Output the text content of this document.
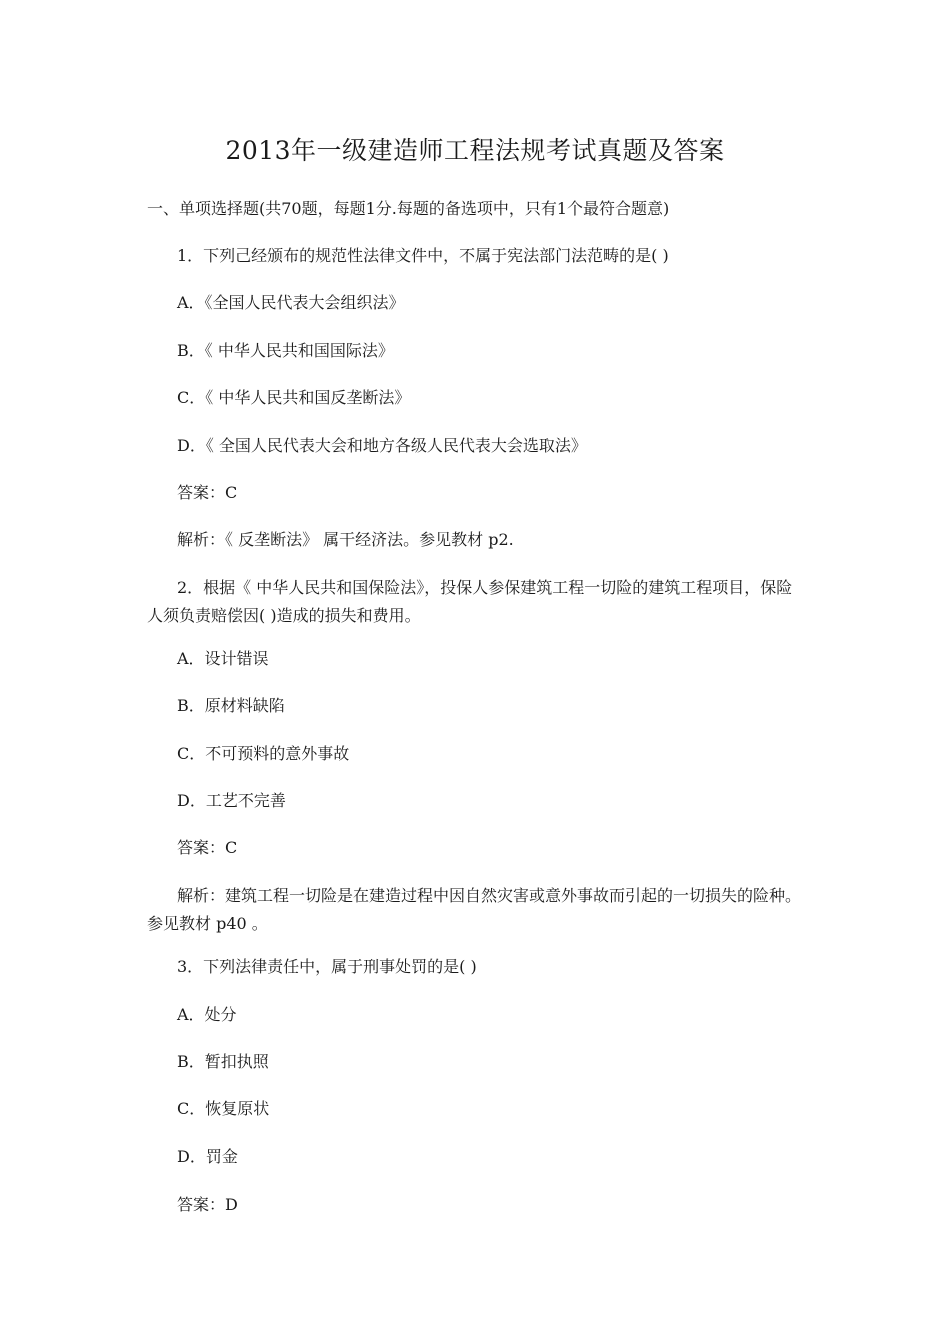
2013年一级建造师工程法规考试真题及答案
一、单项选择题(共70题，每题1分.每题的备选项中，只有1个最符合题意)
1．下列己经颁布的规范性法律文件中，不属于宪法部门法范畴的是( )
A．《全国人民代表大会组织法》
B．《 中华人民共和国国际法》
C．《 中华人民共和国反垄断法》
D．《 全国人民代表大会和地方各级人民代表大会选取法》
答案：C
解析：《 反垄断法》 属干经济法。参见教材 p2.
2．根据《 中华人民共和国保险法》，投保人参保建筑工程一切险的建筑工程项目，保险人须负责赔偿因( )造成的损失和费用。
A．设计错误
B．原材料缺陷
C．不可预料的意外事故
D．工艺不完善
答案：C
解析：建筑工程一切险是在建造过程中因自然灾害或意外事故而引起的一切损失的险种。参见教材 p40 。
3．下列法律责任中，属于刑事处罚的是( )
A．处分
B．暂扣执照
C．恢复原状
D．罚金
答案：D
